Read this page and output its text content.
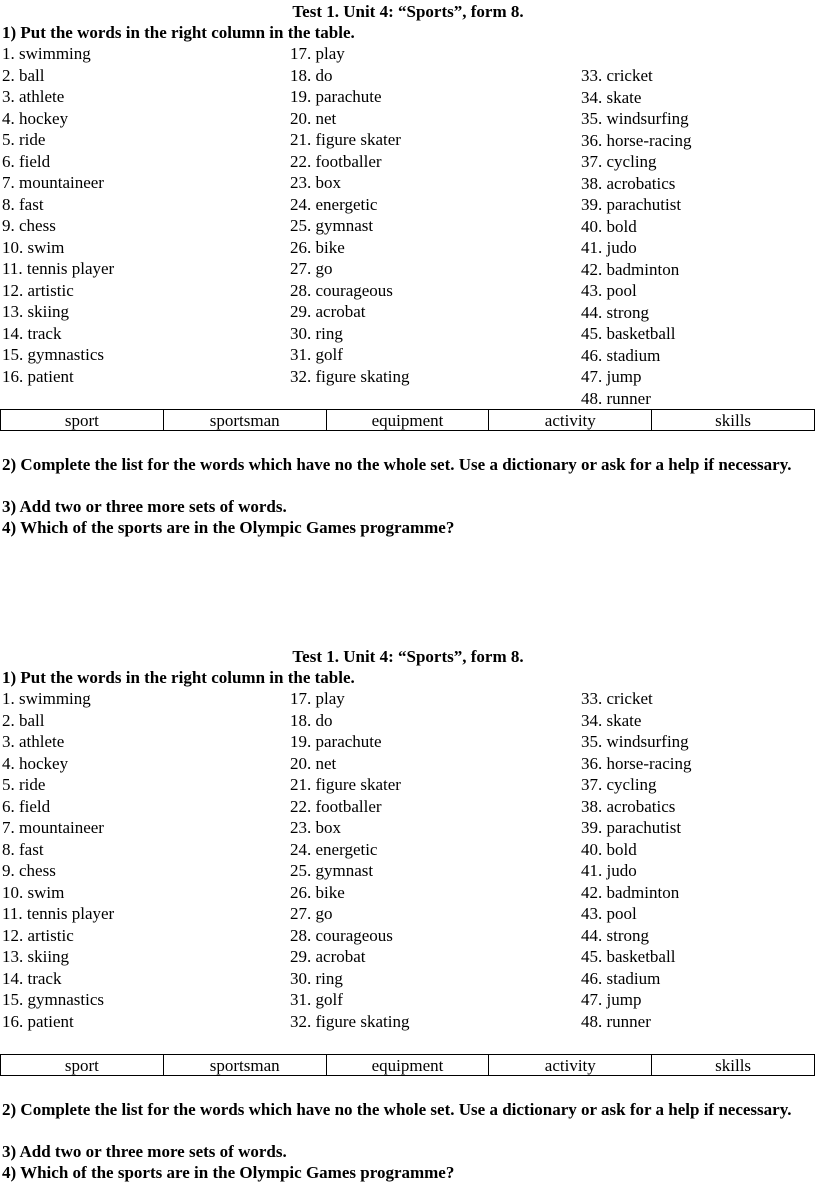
Test 1. Unit 4: “Sports”, form 8.
1) Put the words in the right column in the table.
1. swimming
2. ball
3. athlete
4. hockey
5. ride
6. field
7. mountaineer
8. fast
9. chess
10. swim
11. tennis player
12. artistic
13. skiing
14. track
15. gymnastics
16. patient
17. play
18. do
19. parachute
20. net
21. figure skater
22. footballer
23. box
24. energetic
25. gymnast
26. bike
27. go
28. courageous
29. acrobat
30. ring
31. golf
32. figure skating
33. cricket
34. skate
35. windsurfing
36. horse-racing
37. cycling
38. acrobatics
39. parachutist
40. bold
41. judo
42. badminton
43. pool
44. strong
45. basketball
46. stadium
47. jump
48. runner
sport	sportsman	equipment	activity	skills
2) Complete the list for the words which have no the whole set. Use a dictionary or ask for a help if necessary.
3) Add two or three more sets of words.
4) Which of the sports are in the Olympic Games programme?
Test 1. Unit 4: “Sports”, form 8.
1) Put the words in the right column in the table.
1. swimming
2. ball
3. athlete
4. hockey
5. ride
6. field
7. mountaineer
8. fast
9. chess
10. swim
11. tennis player
12. artistic
13. skiing
14. track
15. gymnastics
16. patient
17. play
18. do
19. parachute
20. net
21. figure skater
22. footballer
23. box
24. energetic
25. gymnast
26. bike
27. go
28. courageous
29. acrobat
30. ring
31. golf
32. figure skating
33. cricket
34. skate
35. windsurfing
36. horse-racing
37. cycling
38. acrobatics
39. parachutist
40. bold
41. judo
42. badminton
43. pool
44. strong
45. basketball
46. stadium
47. jump
48. runner
sport	sportsman	equipment	activity	skills
2) Complete the list for the words which have no the whole set. Use a dictionary or ask for a help if necessary.
3) Add two or three more sets of words.
4) Which of the sports are in the Olympic Games programme?
